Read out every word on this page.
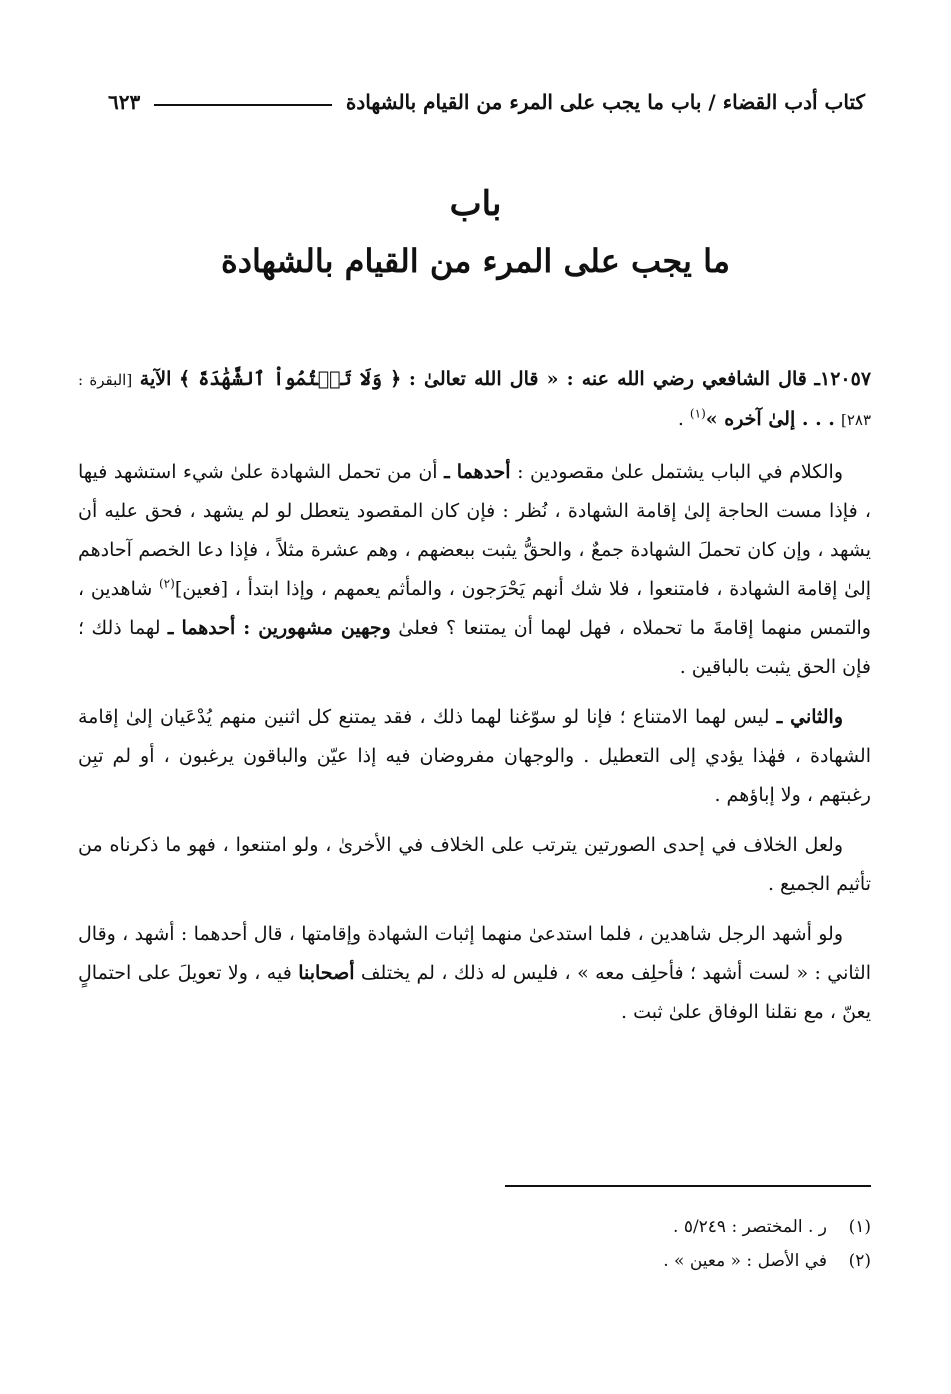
كتاب أدب القضاء / باب ما يجب على المرء من القيام بالشهادة
٦٢٣
باب
ما يجب على المرء من القيام بالشهادة

١٢٠٥٧ـ قال الشافعي رضي الله عنه : « قال الله تعالىٰ : ﴿ وَلَا تَكۡتُمُواْ ٱلشَّهَٰدَةَ ﴾ الآية [البقرة : ٢٨٣] . . . إلىٰ آخره »$^{(١)}$ .

والكلام في الباب يشتمل علىٰ مقصودين : أحدهما ـ أن من تحمل الشهادة علىٰ شيء استشهد فيها ، فإذا مست الحاجة إلىٰ إقامة الشهادة ، نُظر : فإن كان المقصود يتعطل لو لم يشهد ، فحق عليه أن يشهد ، وإن كان تحملَ الشهادة جمعٌ ، والحقُّ يثبت ببعضهم ، وهم عشرة مثلاً ، فإذا دعا الخصم آحادهم إلىٰ إقامة الشهادة ، فامتنعوا ، فلا شك أنهم يَحْرَجون ، والمأثم يعمهم ، وإذا ابتدأ ، [فعين]$^{(٢)}$ شاهدين ، والتمس منهما إقامةَ ما تحملاه ، فهل لهما أن يمتنعا ؟ فعلىٰ وجهين مشهورين : أحدهما ـ لهما ذلك ؛ فإن الحق يثبت بالباقين .

والثاني ـ ليس لهما الامتناع ؛ فإنا لو سوّغنا لهما ذلك ، فقد يمتنع كل اثنين منهم يُدْعَيان إلىٰ إقامة الشهادة ، فهٰذا يؤدي إلى التعطيل . والوجهان مفروضان فيه إذا عيّن والباقون يرغبون ، أو لم تبِن رغبتهم ، ولا إباؤهم .

ولعل الخلاف في إحدى الصورتين يترتب على الخلاف في الأخرىٰ ، ولو امتنعوا ، فهو ما ذكرناه من تأثيم الجميع .

ولو أشهد الرجل شاهدين ، فلما استدعىٰ منهما إثبات الشهادة وإقامتها ، قال أحدهما : أشهد ، وقال الثاني : « لست أشهد ؛ فأحلِف معه » ، فليس له ذلك ، لم يختلف أصحابنا فيه ، ولا تعويلَ على احتمالٍ يعنّ ، مع نقلنا الوفاق علىٰ ثبت .

(١)
ر . المختصر : ٥/٢٤٩ .
(٢)
في الأصل : « معين » .
